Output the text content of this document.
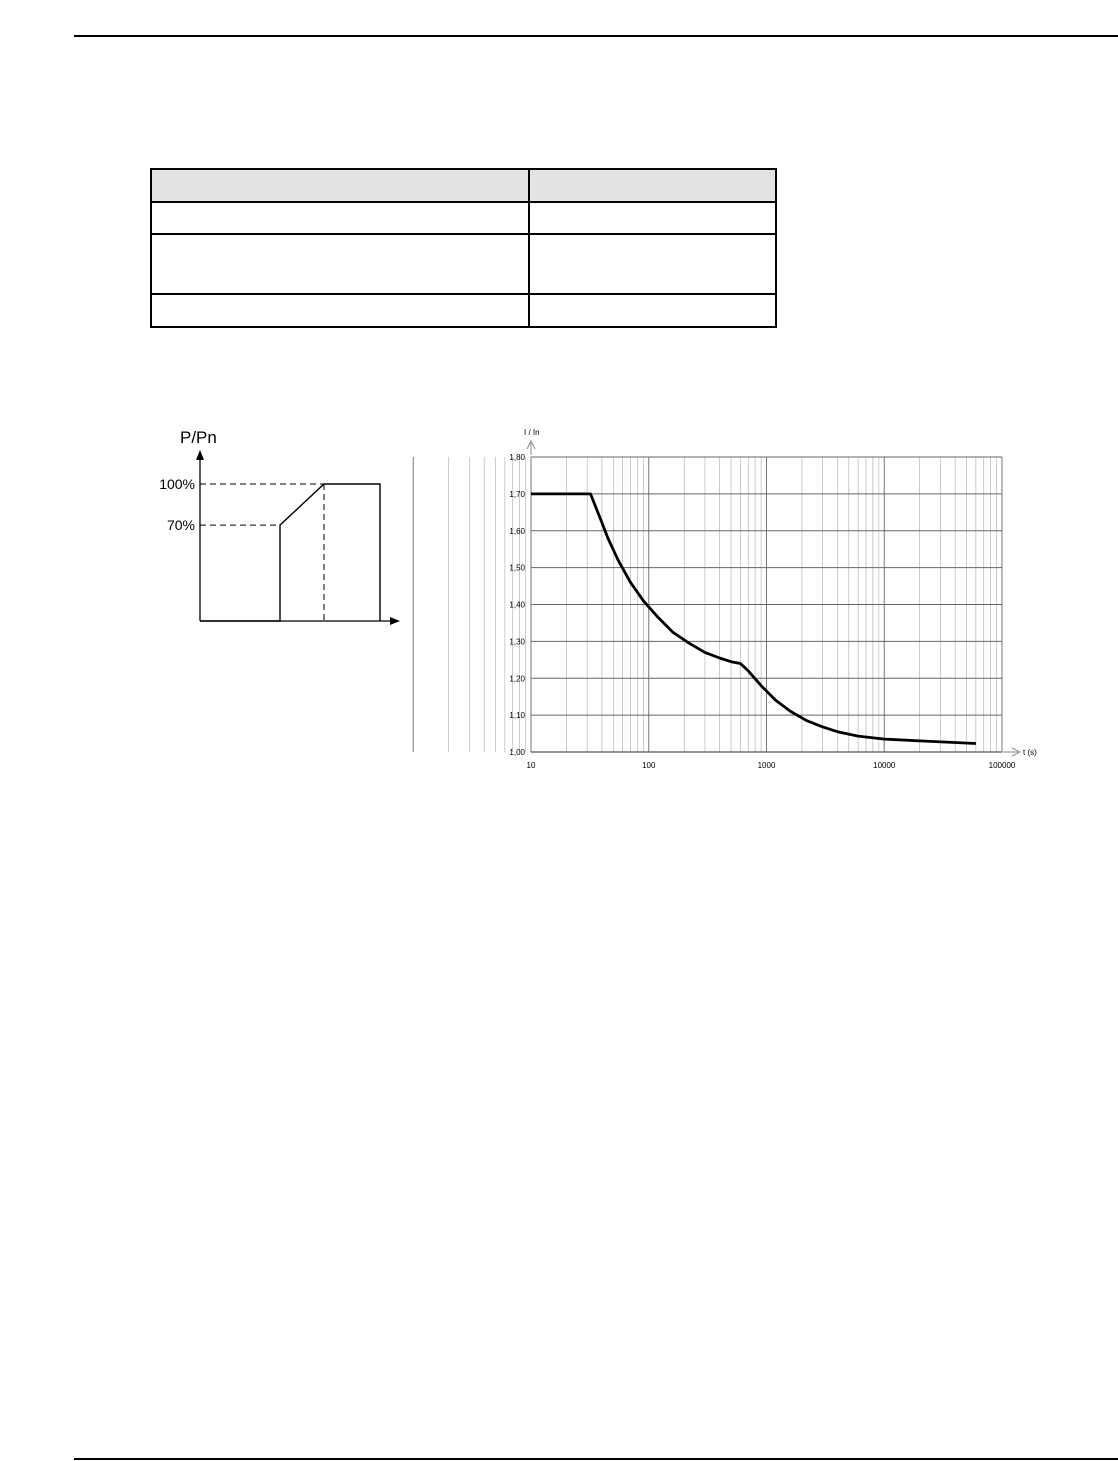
P/Pn
100%
70%
1,00
1,10
1,20
1,30
1,40
1,50
1,60
1,70
1,80
10	100	1000	10000	100000
I / In
t (s)
